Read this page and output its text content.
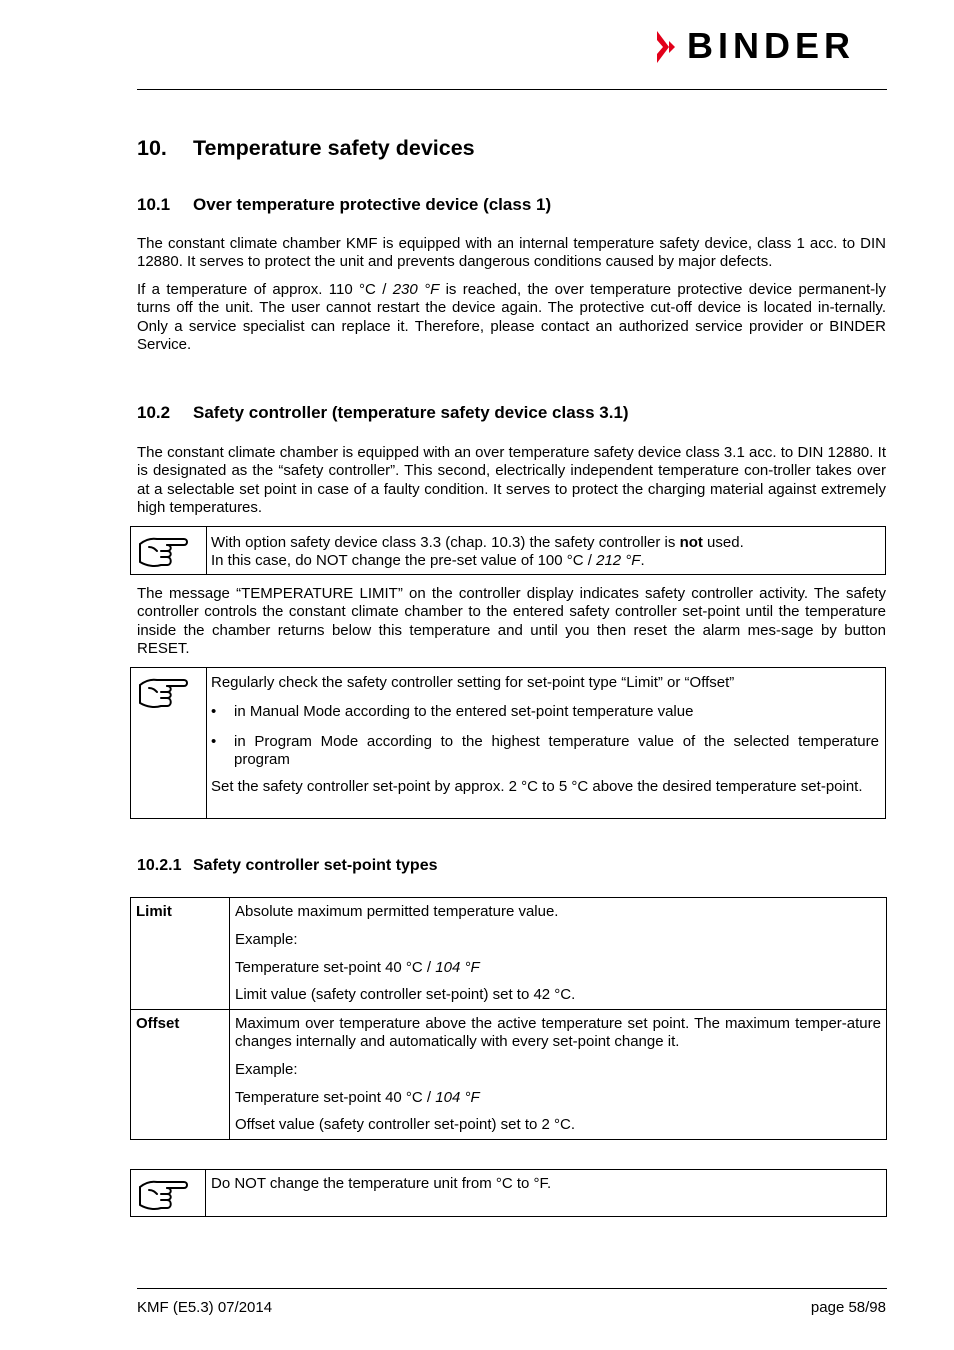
BINDER
10. Temperature safety devices
10.1 Over temperature protective device (class 1)

The constant climate chamber KMF is equipped with an internal temperature safety device, class 1 acc. to DIN 12880. It serves to protect the unit and prevents dangerous conditions caused by major defects.

If a temperature of approx. 110 °C / 230 °F is reached, the over temperature protective device permanent-ly turns off the unit. The user cannot restart the device again. The protective cut-off device is located in-ternally. Only a service specialist can replace it. Therefore, please contact an authorized service provider or BINDER Service.

10.2 Safety controller (temperature safety device class 3.1)

The constant climate chamber is equipped with an over temperature safety device class 3.1 acc. to DIN 12880. It is designated as the “safety controller”. This second, electrically independent temperature con-troller takes over at a selectable set point in case of a faulty condition. It serves to protect the charging material against extremely high temperatures.

With option safety device class 3.3 (chap. 10.3) the safety controller is not used.

In this case, do NOT change the pre-set value of 100 °C / 212 °F.

The message “TEMPERATURE LIMIT” on the controller display indicates safety controller activity. The safety controller controls the constant climate chamber to the entered safety controller set-point until the temperature inside the chamber returns below this temperature and until you then reset the alarm mes-sage by button RESET.

Regularly check the safety controller setting for set-point type “Limit” or “Offset”

• in Manual Mode according to the entered set-point temperature value
• in Program Mode according to the highest temperature value of the selected temperature program

Set the safety controller set-point by approx. 2 °C to 5 °C above the desired temperature set-point.

10.2.1 Safety controller set-point types
Limit	Absolute maximum permitted temperature value.

Example:

Temperature set-point 40 °C / 104 °F

Limit value (safety controller set-point) set to 42 °C.

Offset	Maximum over temperature above the active temperature set point. The maximum temper-ature changes internally and automatically with every set-point change it.

Example:

Temperature set-point 40 °C / 104 °F

Offset value (safety controller set-point) set to 2 °C.

Do NOT change the temperature unit from °C to °F.
KMF (E5.3) 07/2014	page 58/98
